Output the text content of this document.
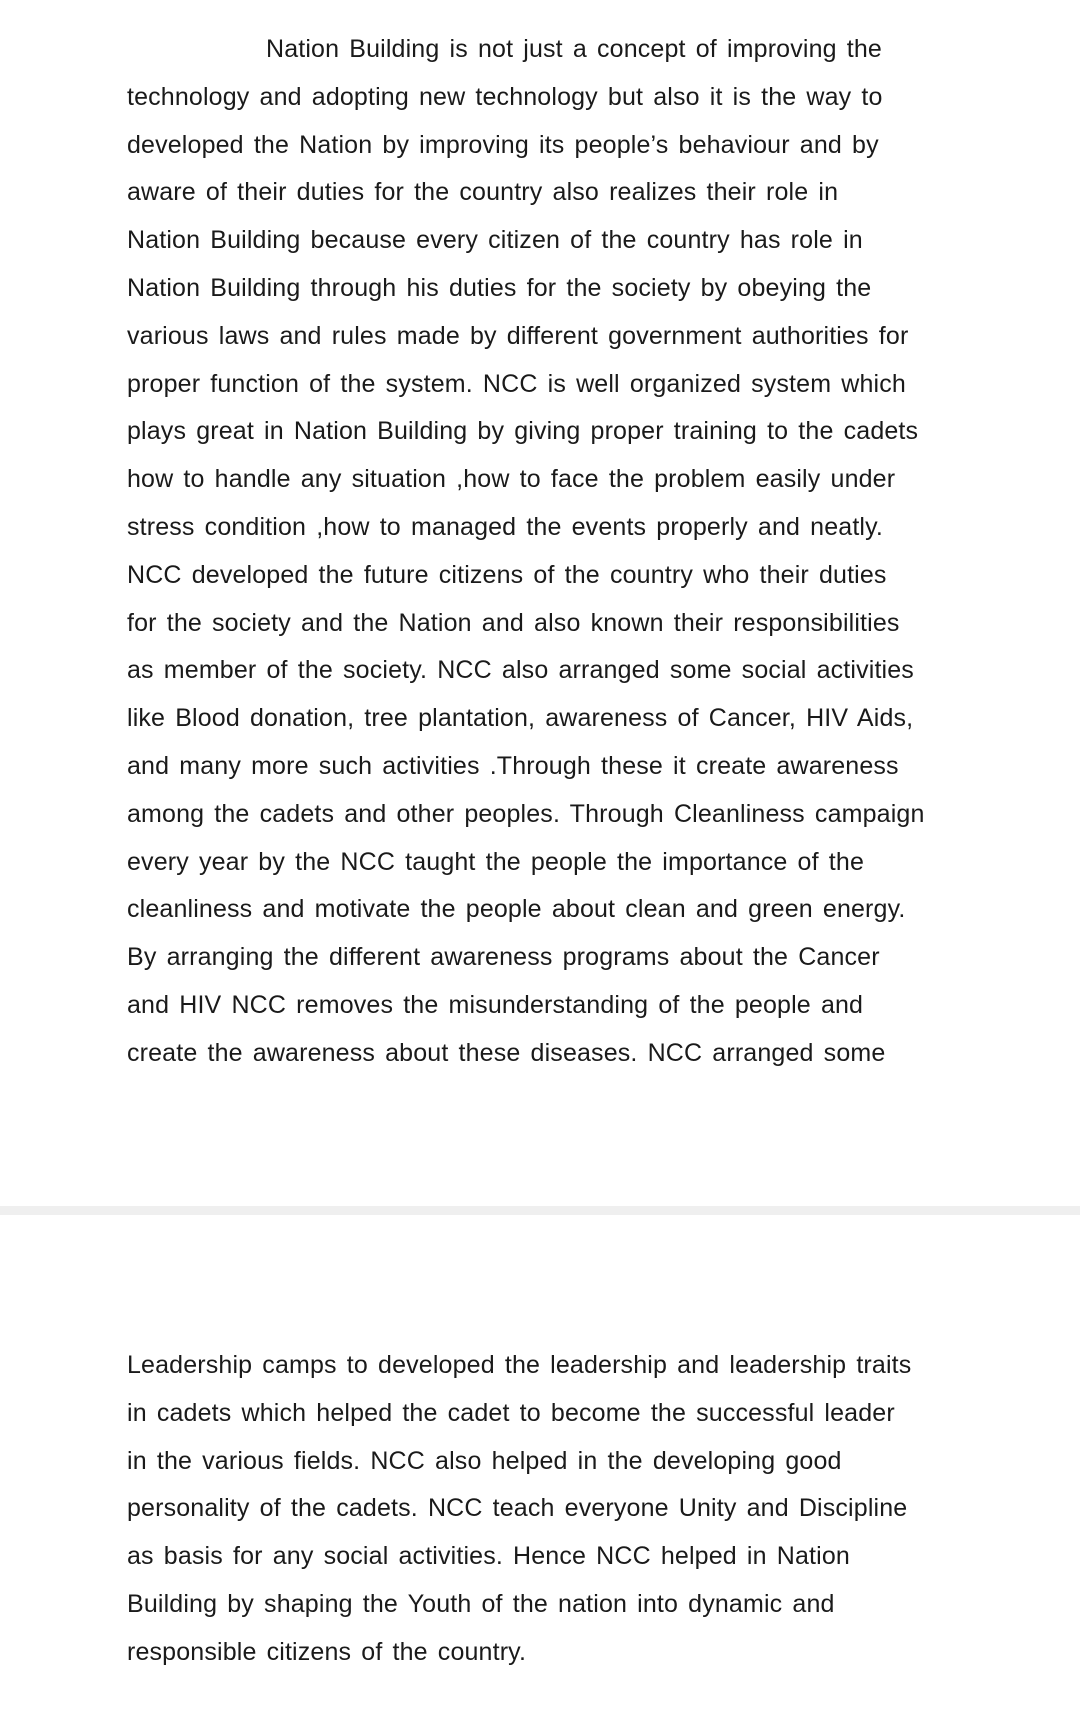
Nation Building is not just a concept of improving the
technology and adopting new technology but also it is the way to
developed the Nation by improving its people’s behaviour and by
aware of their duties for the country also realizes their role in
Nation Building because every citizen of the country has role in
Nation Building through his duties for the society by obeying the
various laws and rules made by different government authorities for
proper function of the system. NCC is well organized system which
plays great in Nation Building by giving proper training to the cadets
how to handle any situation ,how to face the problem easily under
stress condition ,how to managed the events properly and neatly.
NCC developed the future citizens of the country who their duties
for the society and the Nation and also known their responsibilities
as member of the society. NCC also arranged some social activities
like Blood donation, tree plantation, awareness of Cancer, HIV Aids,
and many more such activities .Through these it create awareness
among the cadets and other peoples. Through Cleanliness campaign
every year by the NCC taught the people the importance of the
cleanliness and motivate the people about clean and green energy.
By arranging the different awareness programs about the Cancer
and HIV NCC removes the misunderstanding of the people and
create the awareness about these diseases. NCC arranged some
Leadership camps to developed the leadership and leadership traits
in cadets which helped the cadet to become the successful leader
in the various fields. NCC also helped in the developing good
personality of the cadets. NCC teach everyone Unity and Discipline
as basis for any social activities. Hence NCC helped in Nation
Building by shaping the Youth of the nation into dynamic and
responsible citizens of the country.
